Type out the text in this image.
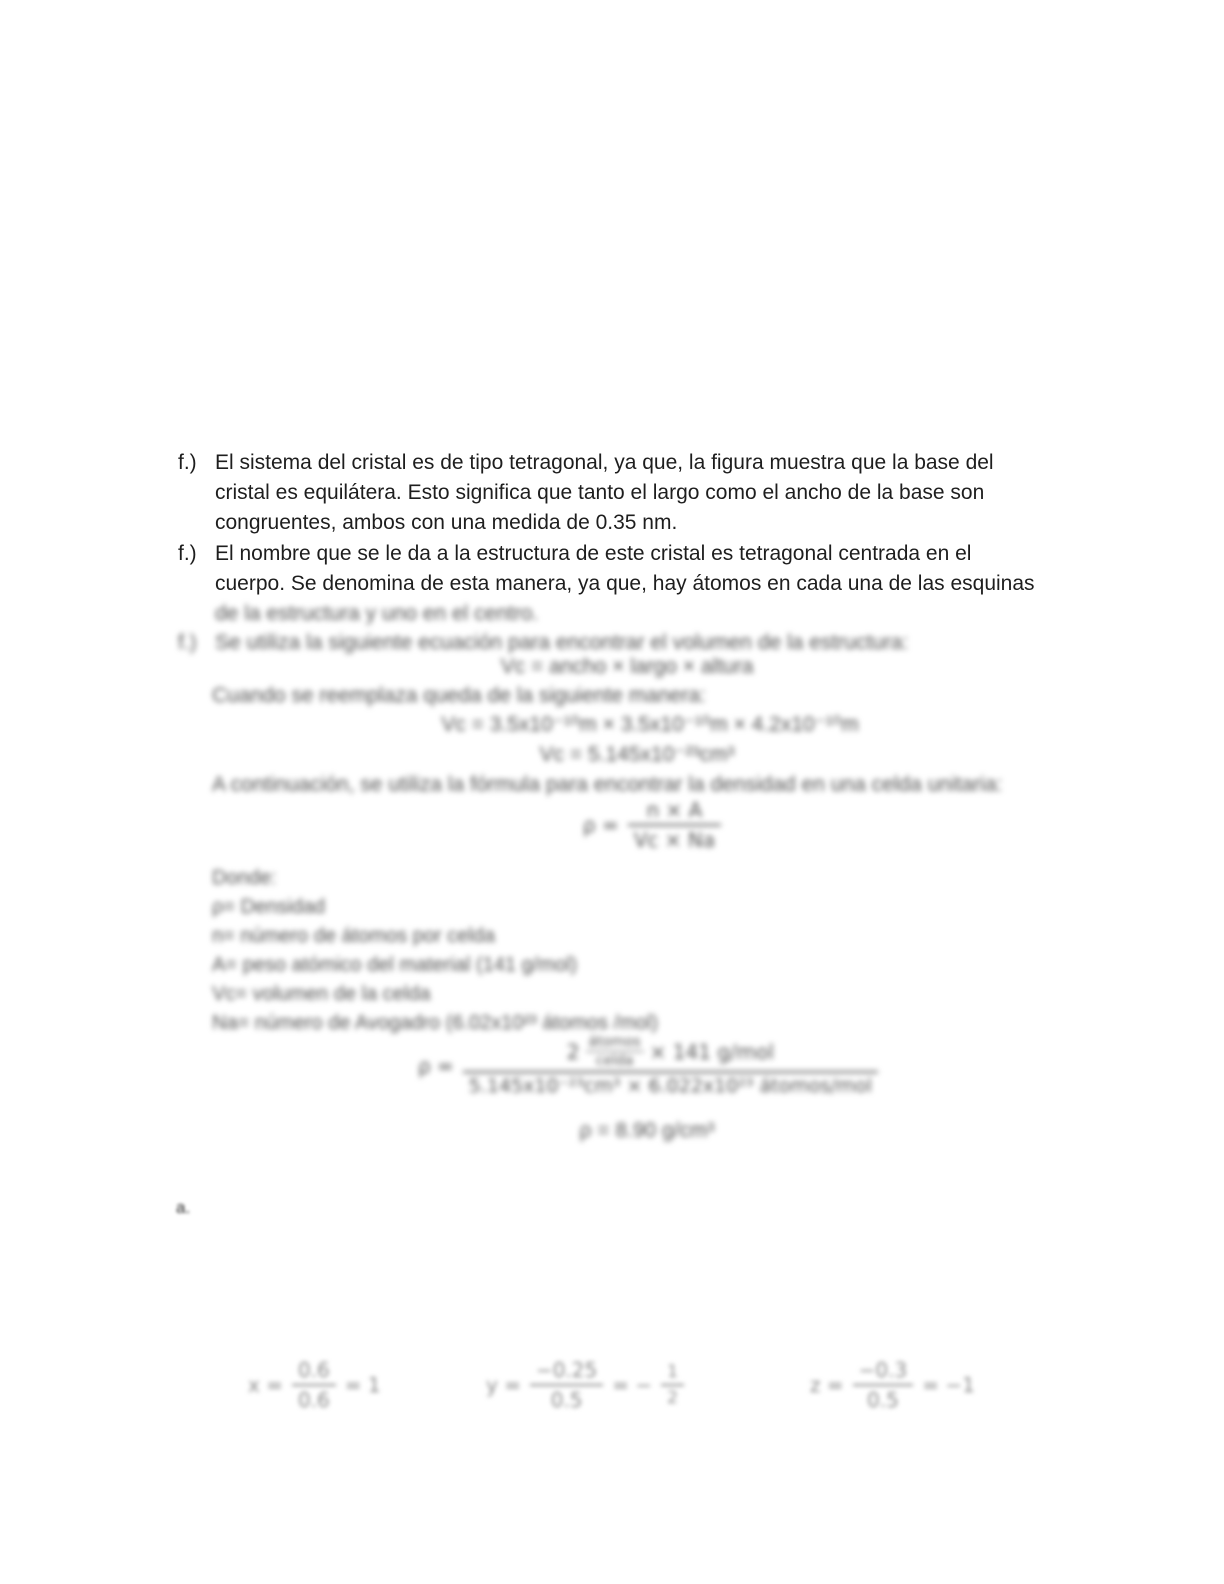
f.) El sistema del cristal es de tipo tetragonal, ya que, la figura muestra que la base del
cristal es equilátera. Esto significa que tanto el largo como el ancho de la base son
congruentes, ambos con una medida de 0.35 nm.
f.) El nombre que se le da a la estructura de este cristal es tetragonal centrada en el
cuerpo. Se denomina de esta manera, ya que, hay átomos en cada una de las esquinas
de la estructura y uno en el centro.
f.) Se utiliza la siguiente ecuación para encontrar el volumen de la estructura:
Vc = ancho × largo × altura
Cuando se reemplaza queda de la siguiente manera:
Vc = 3.5x10⁻¹⁰m × 3.5x10⁻¹⁰m × 4.2x10⁻¹⁰m
Vc = 5.145x10⁻²³cm³
A continuación, se utiliza la fórmula para encontrar la densidad en una celda unitaria:
$\rho = \frac{n \times A}{Vc \times Na}$
Donde:
ρ= Densidad
n= número de átomos por celda
A= peso atómico del material (141 g/mol)
Vc= volumen de la celda
Na= número de Avogadro (6.02x10²³ átomos /mol)
ρ =
$2 \frac{\text{átomos}}{\text{celda}} \times 141$ g/mol
5.145x10⁻²³cm³ × 6.022x10²³ átomos/mol
ρ = 8.90 g/cm³
a.
$x = \frac{0.6}{0.6} = 1$	$y = \frac{-0.25}{0.5}$ = − $\frac{1}{2}$	$z = \frac{-0.3}{0.5} = -1$
